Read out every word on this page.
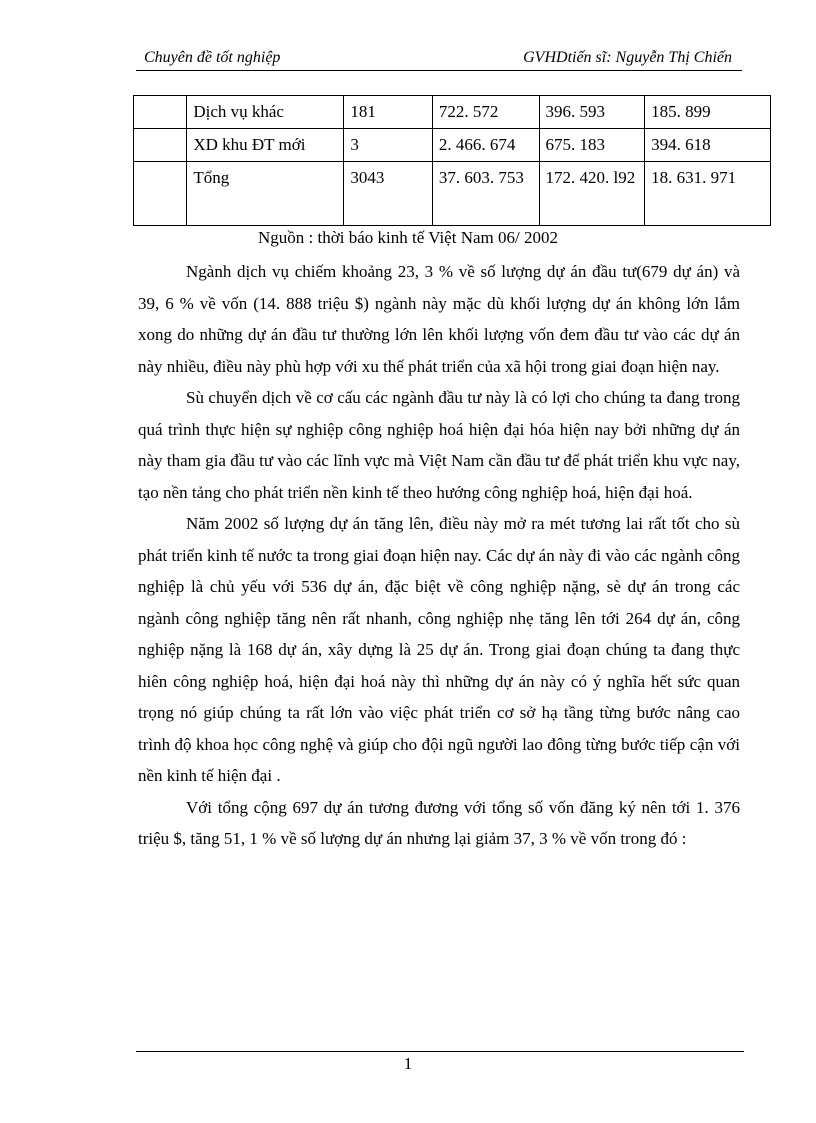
Chuyên đề tốt nghiệp	GVHDtiến sĩ: Nguyễn Thị Chiến
	Dịch vụ khác	181	722. 572	396. 593	185. 899
	XD khu ĐT mới	3	2. 466. 674	675. 183	394. 618
	Tổng	3043	37. 603. 753	172. 420. l92	18. 631. 971
Nguồn : thời báo kinh tế Việt Nam 06/ 2002

Ngành dịch vụ chiếm khoảng 23, 3 % về số lượng dự án đầu tư(679 dự án) và 39, 6 % về vốn (14. 888 triệu $) ngành này mặc dù khối lượng dự án không lớn lắm xong do những dự án đầu tư thường lớn lên khối lượng vốn đem đầu tư vào các dự án này nhiều, điều này phù hợp với xu thế phát triển của xã hội trong giai đoạn hiện nay.

Sù chuyển dịch về cơ cấu các ngành đầu tư này là có lợi cho chúng ta đang trong quá trình thực hiện sự nghiệp công nghiệp hoá hiện đại hóa hiện nay bởi những dự án này tham gia đầu tư vào các lĩnh vực mà Việt Nam cần đầu tư để phát triển khu vực nay, tạo nền tảng cho phát triển nền kinh tế theo hướng công nghiệp hoá, hiện đại hoá.

Năm 2002 số lượng dự án tăng lên, điều này mở ra mét tương lai rất tốt cho sù phát triển kinh tế nước ta trong giai đoạn hiện nay. Các dự án này đi vào các ngành công nghiệp là chủ yếu với 536 dự án, đặc biệt về công nghiệp nặng, sè dự án trong các ngành công nghiệp tăng nên rất nhanh, công nghiệp nhẹ tăng lên tới 264 dự án, công nghiệp nặng là 168 dự án, xây dựng là 25 dự án. Trong giai đoạn chúng ta đang thực hiên công nghiệp hoá, hiện đại hoá này thì những dự án này có ý nghĩa hết sức quan trọng nó giúp chúng ta rất lớn vào việc phát triển cơ sở hạ tầng từng bước nâng cao trình độ khoa học công nghệ và giúp cho đội ngũ người lao đông từng bước tiếp cận với nền kinh tế hiện đại .

Với tổng cộng 697 dự án tương đương với tổng số vốn đăng ký nên tới 1. 376 triệu $, tăng 51, 1 % về số lượng dự án nhưng lại giảm 37, 3 % về vốn trong đó :

1
